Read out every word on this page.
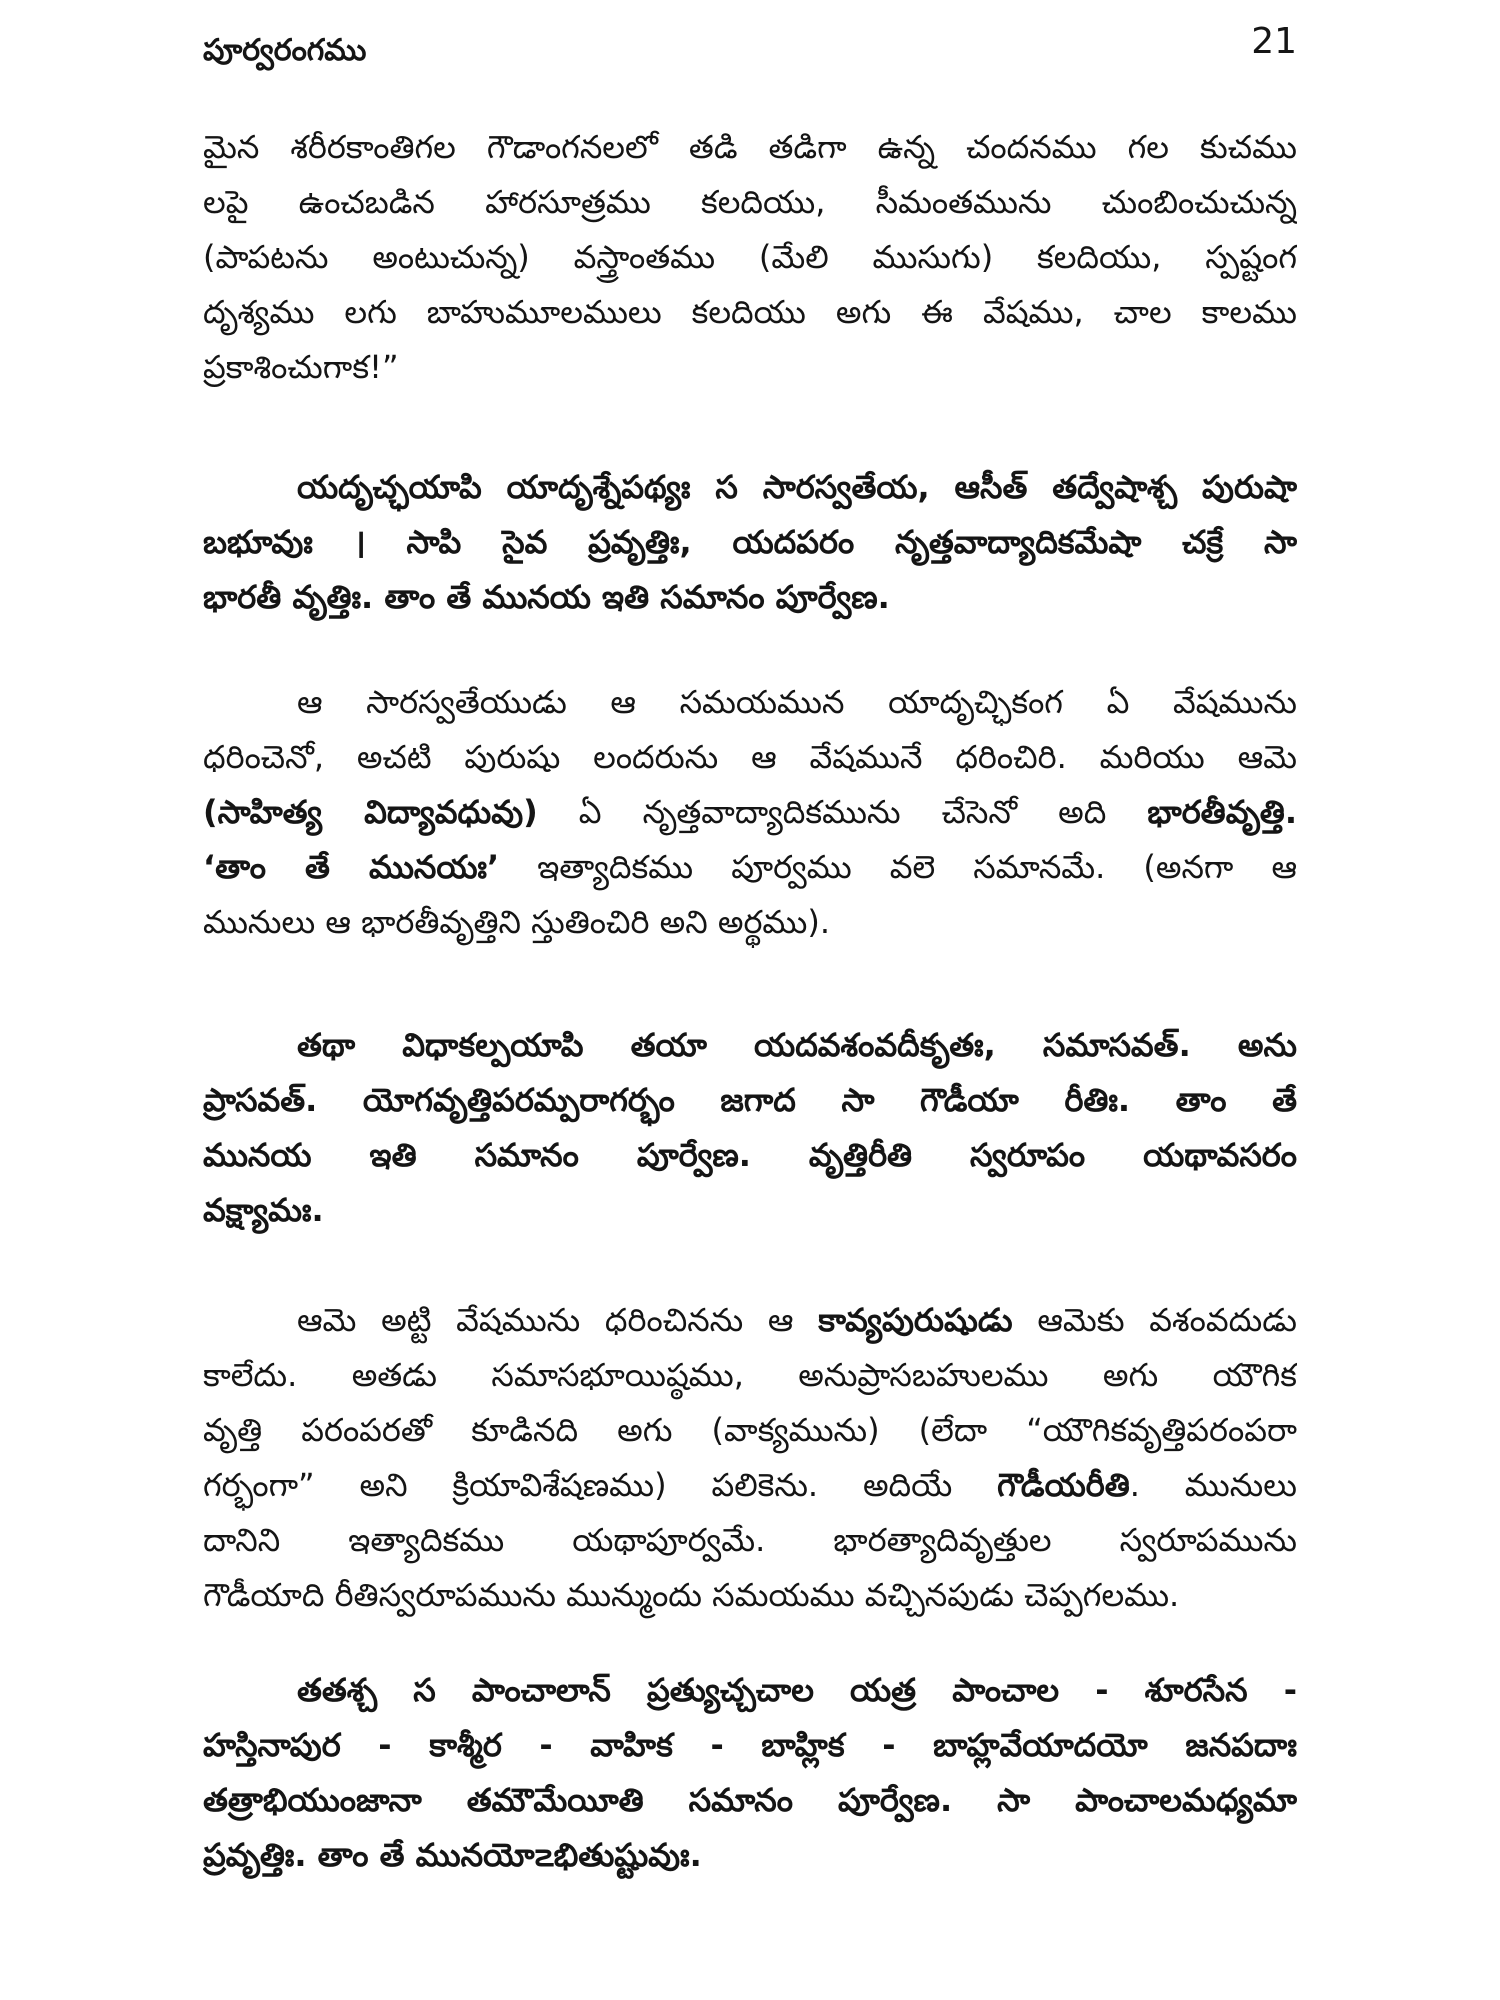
పూర్వరంగము	21
మైన శరీరకాంతిగల గౌడాంగనలలో తడి తడిగా ఉన్న చందనము గల కుచము
లపై ఉంచబడిన హారసూత్రము కలదియు, సీమంతమును చుంబించుచున్న
(పాపటను అంటుచున్న) వస్త్రాంతము (మేలి ముసుగు) కలదియు, స్పష్టంగ
దృశ్యము లగు బాహుమూలములు కలదియు అగు ఈ వేషము, చాల కాలము
ప్రకాశించుగాక!”
యదృచ్ఛయాపి యాదృశ్నేపథ్యః స సారస్వతేయ, ఆసీత్ తద్వేషాశ్చ పురుషా
బభూవుః । సాపి సైవ ప్రవృత్తిః, యదపరం నృత్తవాద్యాదికమేషా చక్రే సా
భారతీ వృత్తిః. తాం తే మునయ ఇతి సమానం పూర్వేణ.
ఆ సారస్వతేయుడు ఆ సమయమున యాదృచ్ఛికంగ ఏ వేషమును
ధరించెనో, అచటి పురుషు లందరును ఆ వేషమునే ధరించిరి. మరియు ఆమె
(సాహిత్య విద్యావధువు) ఏ నృత్తవాద్యాదికమును చేసెనో అది భారతీవృత్తి.
‘తాం తే మునయః’ ఇత్యాదికము పూర్వము వలె సమానమే. (అనగా ఆ
మునులు ఆ భారతీవృత్తిని స్తుతించిరి అని అర్థము).
తథా విధాకల్పయాపి తయా యదవశంవదీకృతః, సమాసవత్. అను
ప్రాసవత్. యోగవృత్తిపరమ్పరాగర్భం జగాద సా గౌడీయా రీతిః. తాం తే
మునయ ఇతి సమానం పూర్వేణ. వృత్తిరీతి స్వరూపం యథావసరం
వక్ష్యామః.
ఆమె అట్టి వేషమును ధరించినను ఆ కావ్యపురుషుడు ఆమెకు వశంవదుడు
కాలేదు. అతడు సమాసభూయిష్ఠము, అనుప్రాసబహులము అగు యౌగిక
వృత్తి పరంపరతో కూడినది అగు (వాక్యమును) (లేదా “యౌగికవృత్తిపరంపరా
గర్భంగా” అని క్రియావిశేషణము) పలికెను. అదియే గౌడీయరీతి. మునులు
దానిని ఇత్యాదికము యథాపూర్వమే. భారత్యాదివృత్తుల స్వరూపమును
గౌడీయాది రీతిస్వరూపమును మున్ముందు సమయము వచ్చినపుడు చెప్పగలము.
తతశ్చ స పాంచాలాన్ ప్రత్యుచ్చచాల యత్ర పాంచాల - శూరసేన -
హస్తినాపుర - కాశ్మీర - వాహిక - బాహ్లిక - బాహ్లవేయాదయో జనపదాః
తత్రాభియుంజానా తమౌమేయీతి సమానం పూర్వేణ. సా పాంచాలమధ్యమా
ప్రవృత్తిః. తాం తే మునయో౽భితుష్టువుః.
